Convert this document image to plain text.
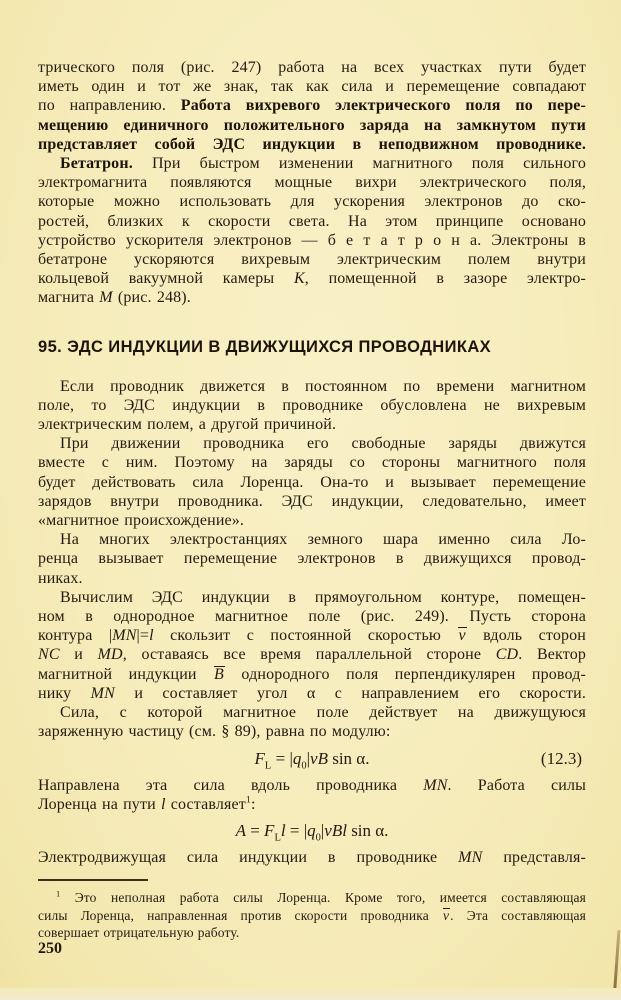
трического поля (рис. 247) работа на всех участках пути будет
иметь один и тот же знак, так как сила и перемещение совпадают
по направлению. Работа вихревого электрического поля по пере-
мещению единичного положительного заряда на замкнутом пути
представляет собой ЭДС индукции в неподвижном проводнике.
Бетатрон. При быстром изменении магнитного поля сильного
электромагнита появляются мощные вихри электрического поля,
которые можно использовать для ускорения электронов до ско-
ростей, близких к скорости света. На этом принципе основано
устройство ускорителя электронов — б е т а т р о н а. Электроны в
бетатроне ускоряются вихревым электрическим полем внутри
кольцевой вакуумной камеры K, помещенной в зазоре электро-
магнита M (рис. 248).
95. ЭДС ИНДУКЦИИ В ДВИЖУЩИХСЯ ПРОВОДНИКАХ
Если проводник движется в постоянном по времени магнитном
поле, то ЭДС индукции в проводнике обусловлена не вихревым
электрическим полем, а другой причиной.
При движении проводника его свободные заряды движутся
вместе с ним. Поэтому на заряды со стороны магнитного поля
будет действовать сила Лоренца. Она-то и вызывает перемещение
зарядов внутри проводника. ЭДС индукции, следовательно, имеет
«магнитное происхождение».
На многих электростанциях земного шара именно сила Ло-
ренца вызывает перемещение электронов в движущихся провод-
никах.
Вычислим ЭДС индукции в прямоугольном контуре, помещен-
ном в однородное магнитное поле (рис. 249). Пусть сторона
контура |MN|=l скользит с постоянной скоростью v вдоль сторон
NC и MD, оставаясь все время параллельной стороне CD. Вектор
магнитной индукции B однородного поля перпендикулярен провод-
нику MN и составляет угол α с направлением его скорости.
Сила, с которой магнитное поле действует на движущуюся
заряженную частицу (см. § 89), равна по модулю:
$F_L = |q_0|vB$ sin α.	(12.3)
Направлена эта сила вдоль проводника MN. Работа силы
Лоренца на пути l составляет$^1$:
$A = F_Ll = |q_0|vBl$ sin α.
Электродвижущая сила индукции в проводнике MN представля-
$^1$ Это неполная работа силы Лоренца. Кроме того, имеется составляющая
силы Лоренца, направленная против скорости проводника v. Эта составляющая
совершает отрицательную работу.
250
